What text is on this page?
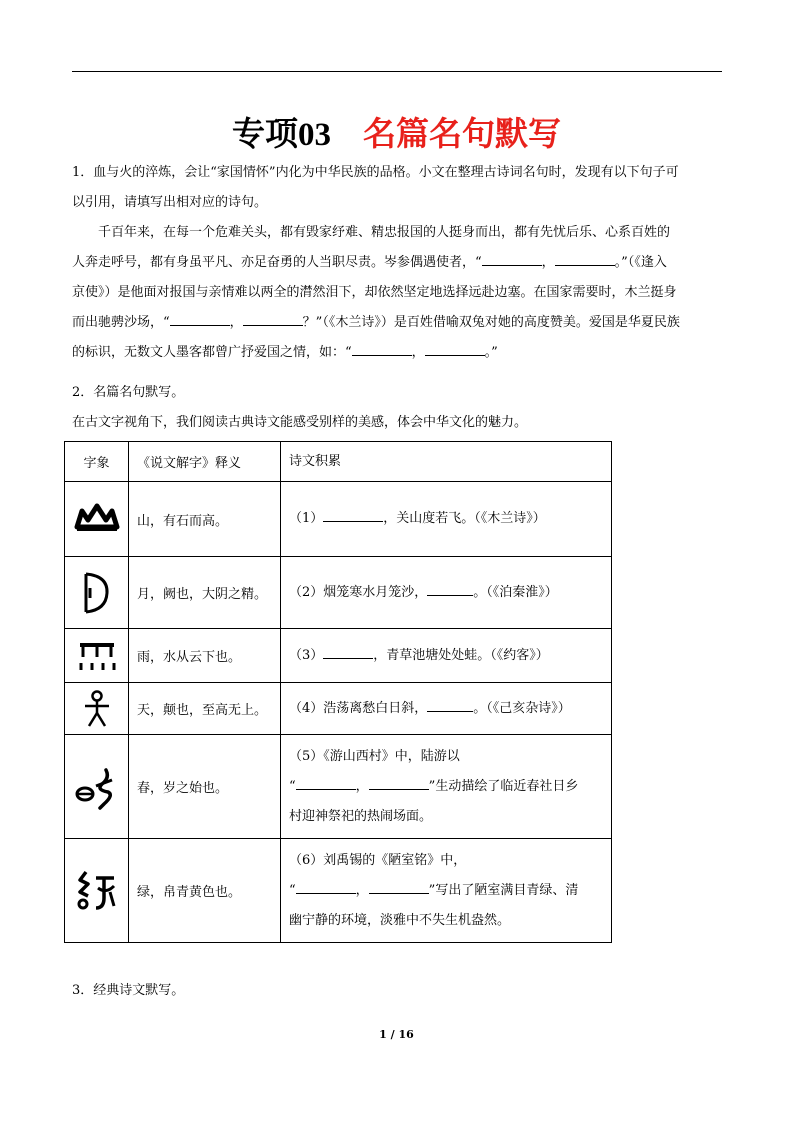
专项03 名篇名句默写
1．血与火的淬炼，会让“家国情怀”内化为中华民族的品格。小文在整理古诗词名句时，发现有以下句子可
以引用，请填写出相对应的诗句。
千百年来，在每一个危难关头，都有毁家纾难、精忠报国的人挺身而出，都有先忧后乐、心系百姓的
人奔走呼号，都有身虽平凡、亦足奋勇的人当职尽责。岑参偶遇使者，“	，	。”（《逢入
京使》）是他面对报国与亲情难以两全的潸然泪下，却依然坚定地选择远赴边塞。在国家需要时，木兰挺身
而出驰骋沙场，“	，	？”（《木兰诗》）是百姓借喻双兔对她的高度赞美。爱国是华夏民族
的标识，无数文人墨客都曾广抒爱国之情，如：“	，	。”
2．名篇名句默写。
在古文字视角下，我们阅读古典诗文能感受别样的美感，体会中华文化的魅力。
字象	《说文解字》释义	诗文积累

	山，有石而高。	（1） ，关山度若飞。（《木兰诗》）

	月，阙也，大阴之精。	（2）烟笼寒水月笼沙， 。（《泊秦淮》）

	雨，水从云下也。	（3） ，青草池塘处处蛙。（《约客》）

	天，颠也，至高无上。	（4）浩荡离愁白日斜， 。（《己亥杂诗》）

	春，岁之始也。	（5）《游山西村》中，陆游以
“ ， ”生动描绘了临近春社日乡
村迎神祭祀的热闹场面。

	绿，帛青黄色也。	（6）刘禹锡的《陋室铭》中，
“ ， ”写出了陋室满目青绿、清
幽宁静的环境，淡雅中不失生机盎然。
3．经典诗文默写。
1 / 16
